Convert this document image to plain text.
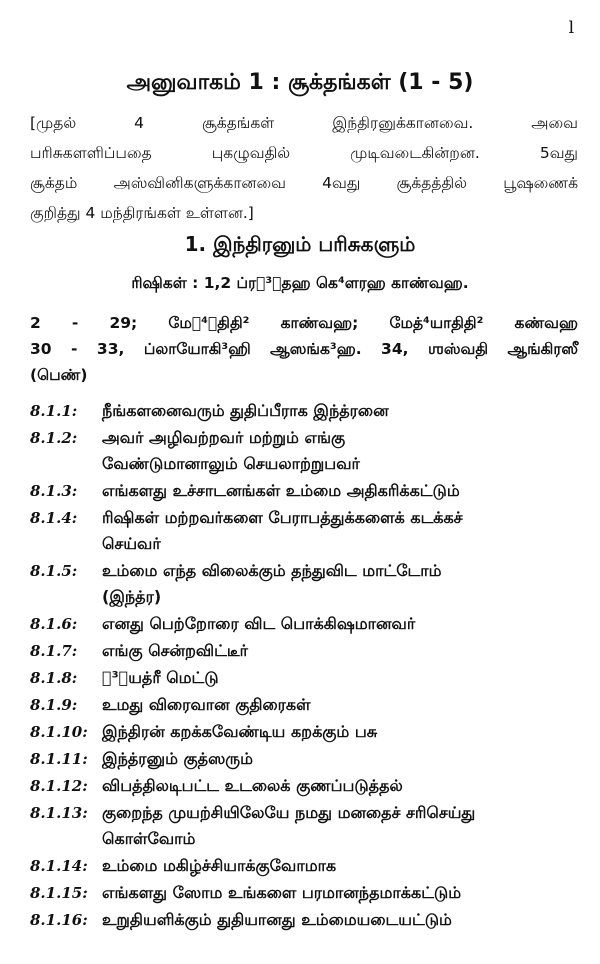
l
அனுவாகம் 1 : சூக்தங்கள் (1 - 5)
[முதல் 4 சூக்தங்கள் இந்திரனுக்கானவை. அவை
பரிசுகளளிப்பதை புகழுவதில் முடிவடைகின்றன. 5வது
சூக்தம் அஸ்வினிகளுக்கானவை 4வது சூக்தத்தில் பூஷணைக்
குறித்து 4 மந்திரங்கள் உள்ளன.]
1. இந்திரனும் பரிசுகளும்
ரிஷிகள் : 1,2 ப்ரக³ாதஹ கெ⁴ளரஹ காண்வஹ.
2 - 29; மேத⁴ாதிதி² காண்வஹ; மேத்⁴யாதிதி² கண்வஹ
30 - 33, ப்லாயோகி³ஹி ஆஸங்க³ஹ. 34, ஶஸ்வதி ஆங்கிரஸீ
(பெண்)
8.1.1:	நீங்களனைவரும் துதிப்பீராக இந்த்ரனை
8.1.2:	அவர் அழிவற்றவர் மற்றும் எங்கு
வேண்டுமானாலும் செயலாற்றுபவர்
8.1.3:	எங்களது உச்சாடனங்கள் உம்மை அதிகரிக்கட்டும்
8.1.4:	ரிஷிகள் மற்றவர்களை பேராபத்துக்களைக் கடக்கச்
செய்வர்
8.1.5:	உம்மை எந்த விலைக்கும் தந்துவிட மாட்டோம்
(இந்த்ர)
8.1.6:	எனது பெற்றோரை விட பொக்கிஷமானவர்
8.1.7:	எங்கு சென்றவிட்டீர்
8.1.8:	க³ாயத்ரீ மெட்டு
8.1.9:	உமது விரைவான குதிரைகள்
8.1.10: இந்திரன் கறக்கவேண்டிய கறக்கும் பசு
8.1.11: இந்த்ரனும் குத்ஸரும்
8.1.12: விபத்திலடிபட்ட உடலைக் குணப்படுத்தல்
8.1.13: குறைந்த முயற்சியிலேயே நமது மனதைச் சரிசெய்து
கொள்வோம்
8.1.14: உம்மை மகிழ்ச்சியாக்குவோமாக
8.1.15: எங்களது ஸோம உங்களை பரமானந்தமாக்கட்டும்
8.1.16: உறுதியளிக்கும் துதியானது உம்மையடையட்டும்
